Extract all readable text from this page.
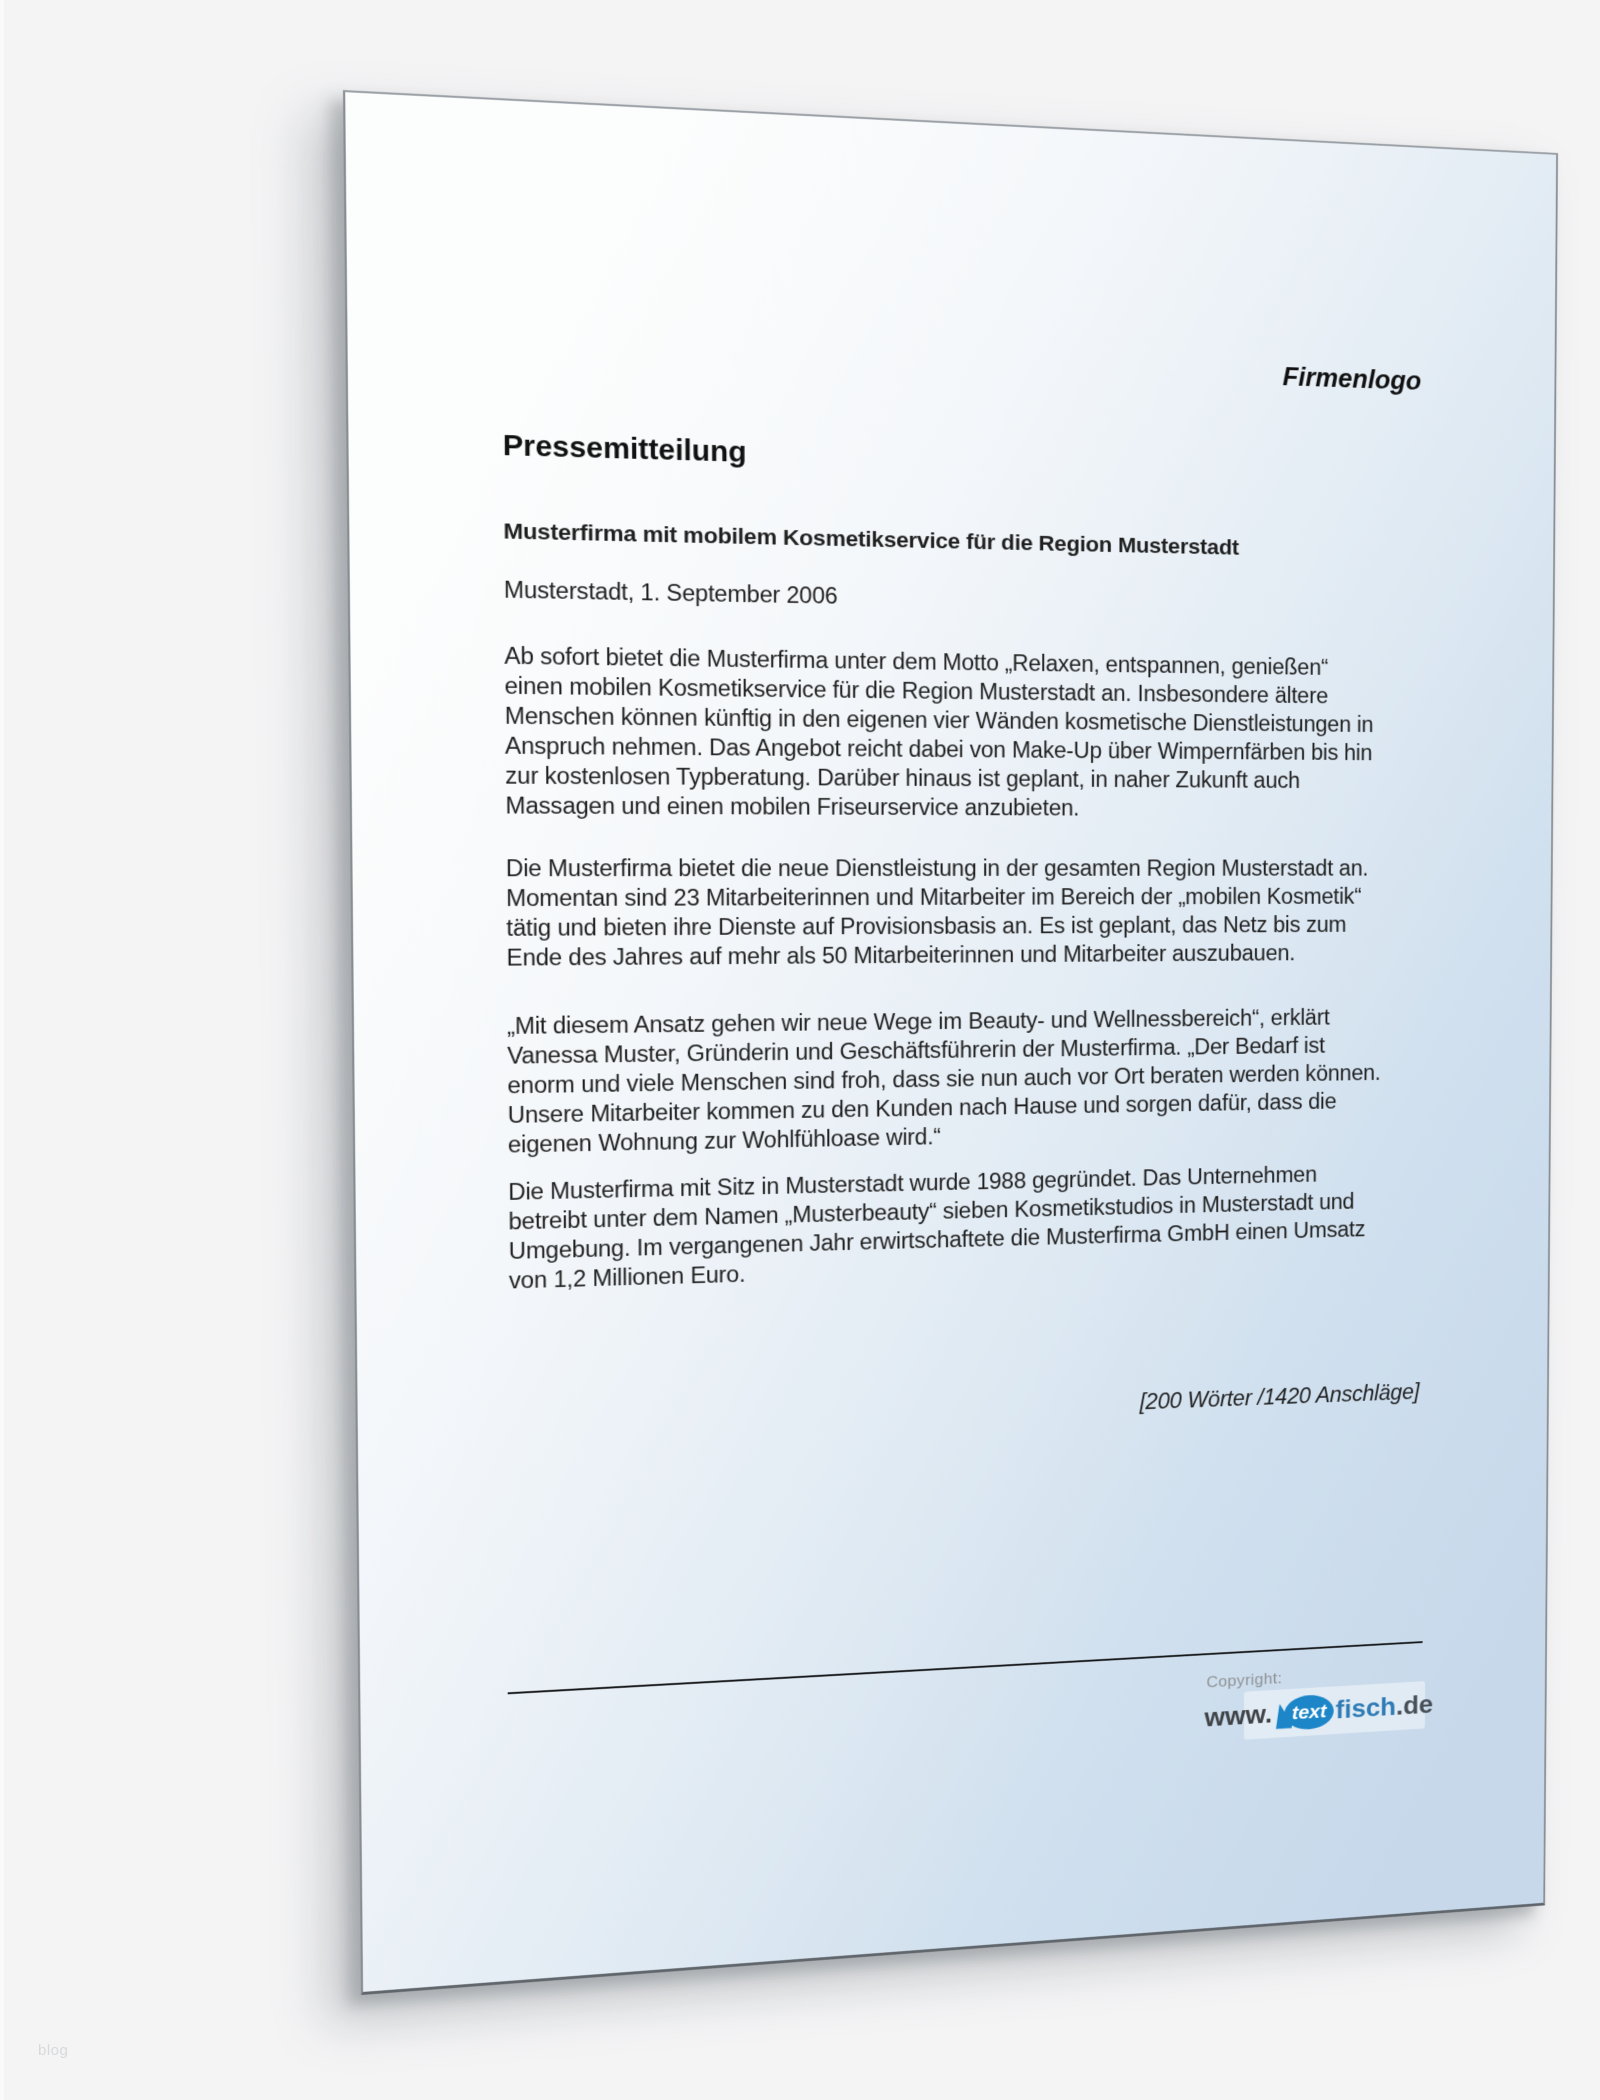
blog
Firmenlogo
Pressemitteilung
Musterfirma mit mobilem Kosmetikservice für die Region Musterstadt
Musterstadt, 1. September 2006
Ab sofort bietet die Musterfirma unter dem Motto „Relaxen, entspannen, genießen“
einen mobilen Kosmetikservice für die Region Musterstadt an. Insbesondere ältere
Menschen können künftig in den eigenen vier Wänden kosmetische Dienstleistungen in
Anspruch nehmen. Das Angebot reicht dabei von Make-Up über Wimpernfärben bis hin
zur kostenlosen Typberatung. Darüber hinaus ist geplant, in naher Zukunft auch
Massagen und einen mobilen Friseurservice anzubieten.
Die Musterfirma bietet die neue Dienstleistung in der gesamten Region Musterstadt an.
Momentan sind 23 Mitarbeiterinnen und Mitarbeiter im Bereich der „mobilen Kosmetik“
tätig und bieten ihre Dienste auf Provisionsbasis an. Es ist geplant, das Netz bis zum
Ende des Jahres auf mehr als 50 Mitarbeiterinnen und Mitarbeiter auszubauen.
„Mit diesem Ansatz gehen wir neue Wege im Beauty- und Wellnessbereich“, erklärt
Vanessa Muster, Gründerin und Geschäftsführerin der Musterfirma. „Der Bedarf ist
enorm und viele Menschen sind froh, dass sie nun auch vor Ort beraten werden können.
Unsere Mitarbeiter kommen zu den Kunden nach Hause und sorgen dafür, dass die
eigenen Wohnung zur Wohlfühloase wird.“
Die Musterfirma mit Sitz in Musterstadt wurde 1988 gegründet. Das Unternehmen
betreibt unter dem Namen „Musterbeauty“ sieben Kosmetikstudios in Musterstadt und
Umgebung. Im vergangenen Jahr erwirtschaftete die Musterfirma GmbH einen Umsatz
von 1,2 Millionen Euro.
[200 Wörter /1420 Anschläge]
Copyright:
www. text fisch .de
